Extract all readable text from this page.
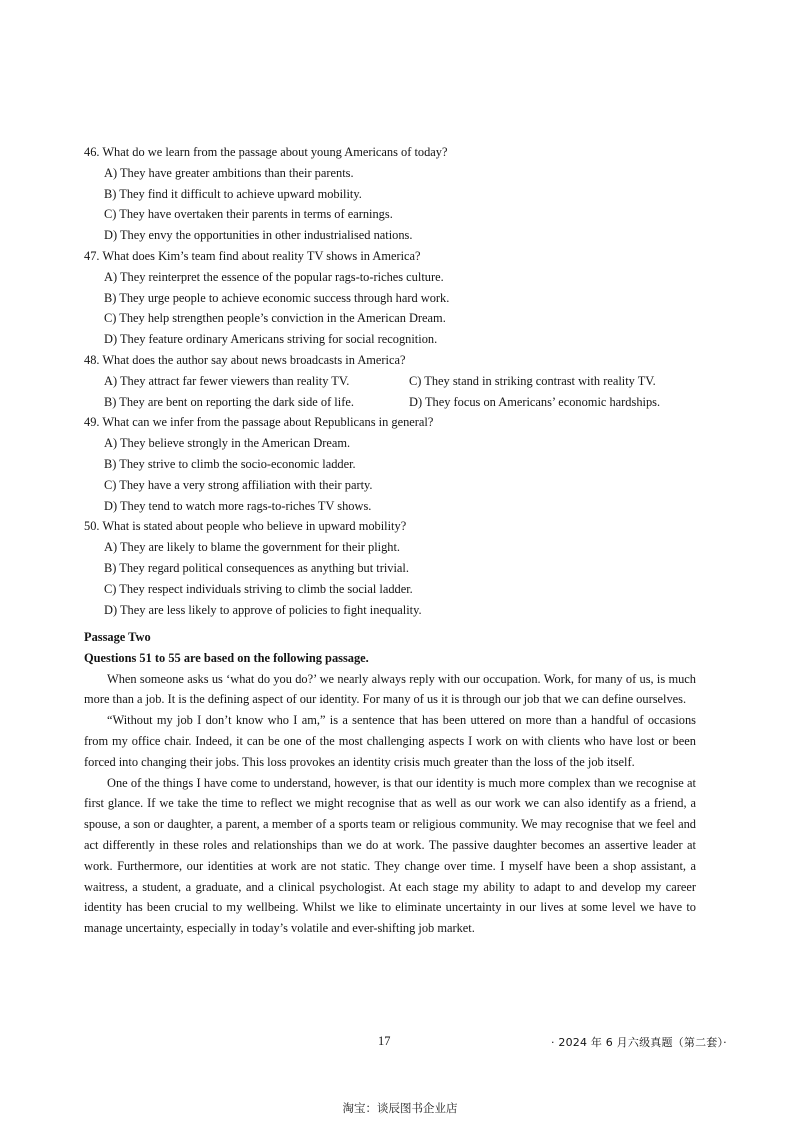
46. What do we learn from the passage about young Americans of today?

A) They have greater ambitions than their parents.

B) They find it difficult to achieve upward mobility.

C) They have overtaken their parents in terms of earnings.

D) They envy the opportunities in other industrialised nations.

47. What does Kim’s team find about reality TV shows in America?

A) They reinterpret the essence of the popular rags-to-riches culture.

B) They urge people to achieve economic success through hard work.

C) They help strengthen people’s conviction in the American Dream.

D) They feature ordinary Americans striving for social recognition.

48. What does the author say about news broadcasts in America?

A) They attract far fewer viewers than reality TV.	C) They stand in striking contrast with reality TV.

B) They are bent on reporting the dark side of life.	D) They focus on Americans’ economic hardships.

49. What can we infer from the passage about Republicans in general?

A) They believe strongly in the American Dream.

B) They strive to climb the socio-economic ladder.

C) They have a very strong affiliation with their party.

D) They tend to watch more rags-to-riches TV shows.

50. What is stated about people who believe in upward mobility?

A) They are likely to blame the government for their plight.

B) They regard political consequences as anything but trivial.

C) They respect individuals striving to climb the social ladder.

D) They are less likely to approve of policies to fight inequality.

Passage Two
Questions 51 to 55 are based on the following passage.

When someone asks us ‘what do you do?’ we nearly always reply with our occupation. Work, for many of us, is much more than a job. It is the defining aspect of our identity. For many of us it is through our job that we can define ourselves.

“Without my job I don’t know who I am,” is a sentence that has been uttered on more than a handful of occasions from my office chair. Indeed, it can be one of the most challenging aspects I work on with clients who have lost or been forced into changing their jobs. This loss provokes an identity crisis much greater than the loss of the job itself.

One of the things I have come to understand, however, is that our identity is much more complex than we recognise at first glance. If we take the time to reflect we might recognise that as well as our work we can also identify as a friend, a spouse, a son or daughter, a parent, a member of a sports team or religious community. We may recognise that we feel and act differently in these roles and relationships than we do at work. The passive daughter becomes an assertive leader at work. Furthermore, our identities at work are not static. They change over time. I myself have been a shop assistant, a waitress, a student, a graduate, and a clinical psychologist. At each stage my ability to adapt to and develop my career identity has been crucial to my wellbeing. Whilst we like to eliminate uncertainty in our lives at some level we have to manage uncertainty, especially in today’s volatile and ever-shifting job market.

17	· 2024 年 6 月六级真题（第二套）·
淘宝：谈辰图书企业店
